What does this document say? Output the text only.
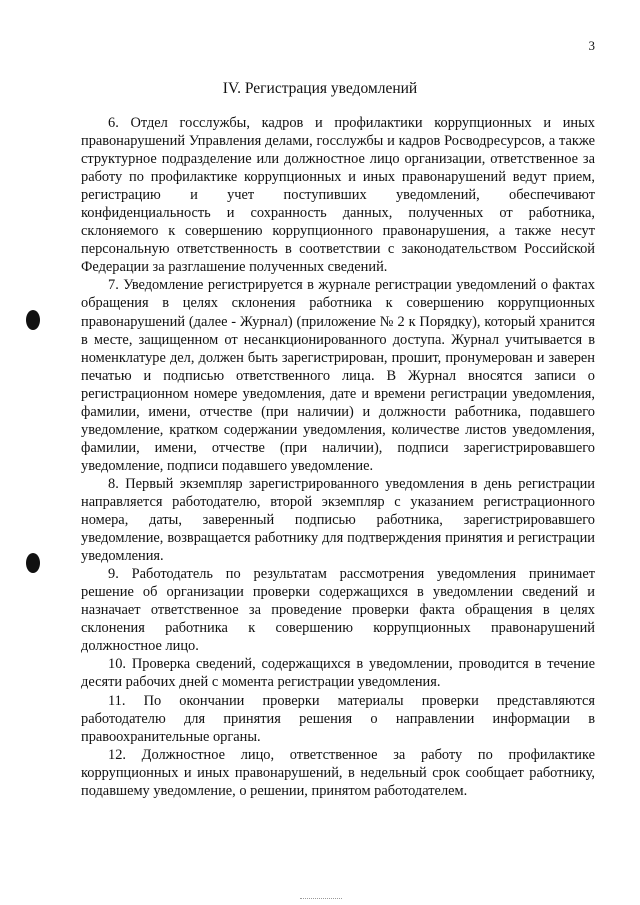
3
IV. Регистрация уведомлений

6. Отдел госслужбы, кадров и профилактики коррупционных и иных правонарушений Управления делами, госслужбы и кадров Росводресурсов, а также структурное подразделение или должностное лицо организации, ответственное за работу по профилактике коррупционных и иных правонарушений ведут прием, регистрацию и учет поступивших уведомлений, обеспечивают конфиденциальность и сохранность данных, полученных от работника, склоняемого к совершению коррупционного правонарушения, а также несут персональную ответственность в соответствии с законодательством Российской Федерации за разглашение полученных сведений.

7. Уведомление регистрируется в журнале регистрации уведомлений о фактах обращения в целях склонения работника к совершению коррупционных правонарушений (далее - Журнал) (приложение № 2 к Порядку), который хранится в месте, защищенном от несанкционированного доступа. Журнал учитывается в номенклатуре дел, должен быть зарегистрирован, прошит, пронумерован и заверен печатью и подписью ответственного лица. В Журнал вносятся записи о регистрационном номере уведомления, дате и времени регистрации уведомления, фамилии, имени, отчестве (при наличии) и должности работника, подавшего уведомление, кратком содержании уведомления, количестве листов уведомления, фамилии, имени, отчестве (при наличии), подписи зарегистрировавшего уведомление, подписи подавшего уведомление.

8. Первый экземпляр зарегистрированного уведомления в день регистрации направляется работодателю, второй экземпляр с указанием регистрационного номера, даты, заверенный подписью работника, зарегистрировавшего уведомление, возвращается работнику для подтверждения принятия и регистрации уведомления.

9. Работодатель по результатам рассмотрения уведомления принимает решение об организации проверки содержащихся в уведомлении сведений и назначает ответственное за проведение проверки факта обращения в целях склонения работника к совершению коррупционных правонарушений должностное лицо.

10. Проверка сведений, содержащихся в уведомлении, проводится в течение десяти рабочих дней с момента регистрации уведомления.

11. По окончании проверки материалы проверки представляются работодателю для принятия решения о направлении информации в правоохранительные органы.

12. Должностное лицо, ответственное за работу по профилактике коррупционных и иных правонарушений, в недельный срок сообщает работнику, подавшему уведомление, о решении, принятом работодателем.
